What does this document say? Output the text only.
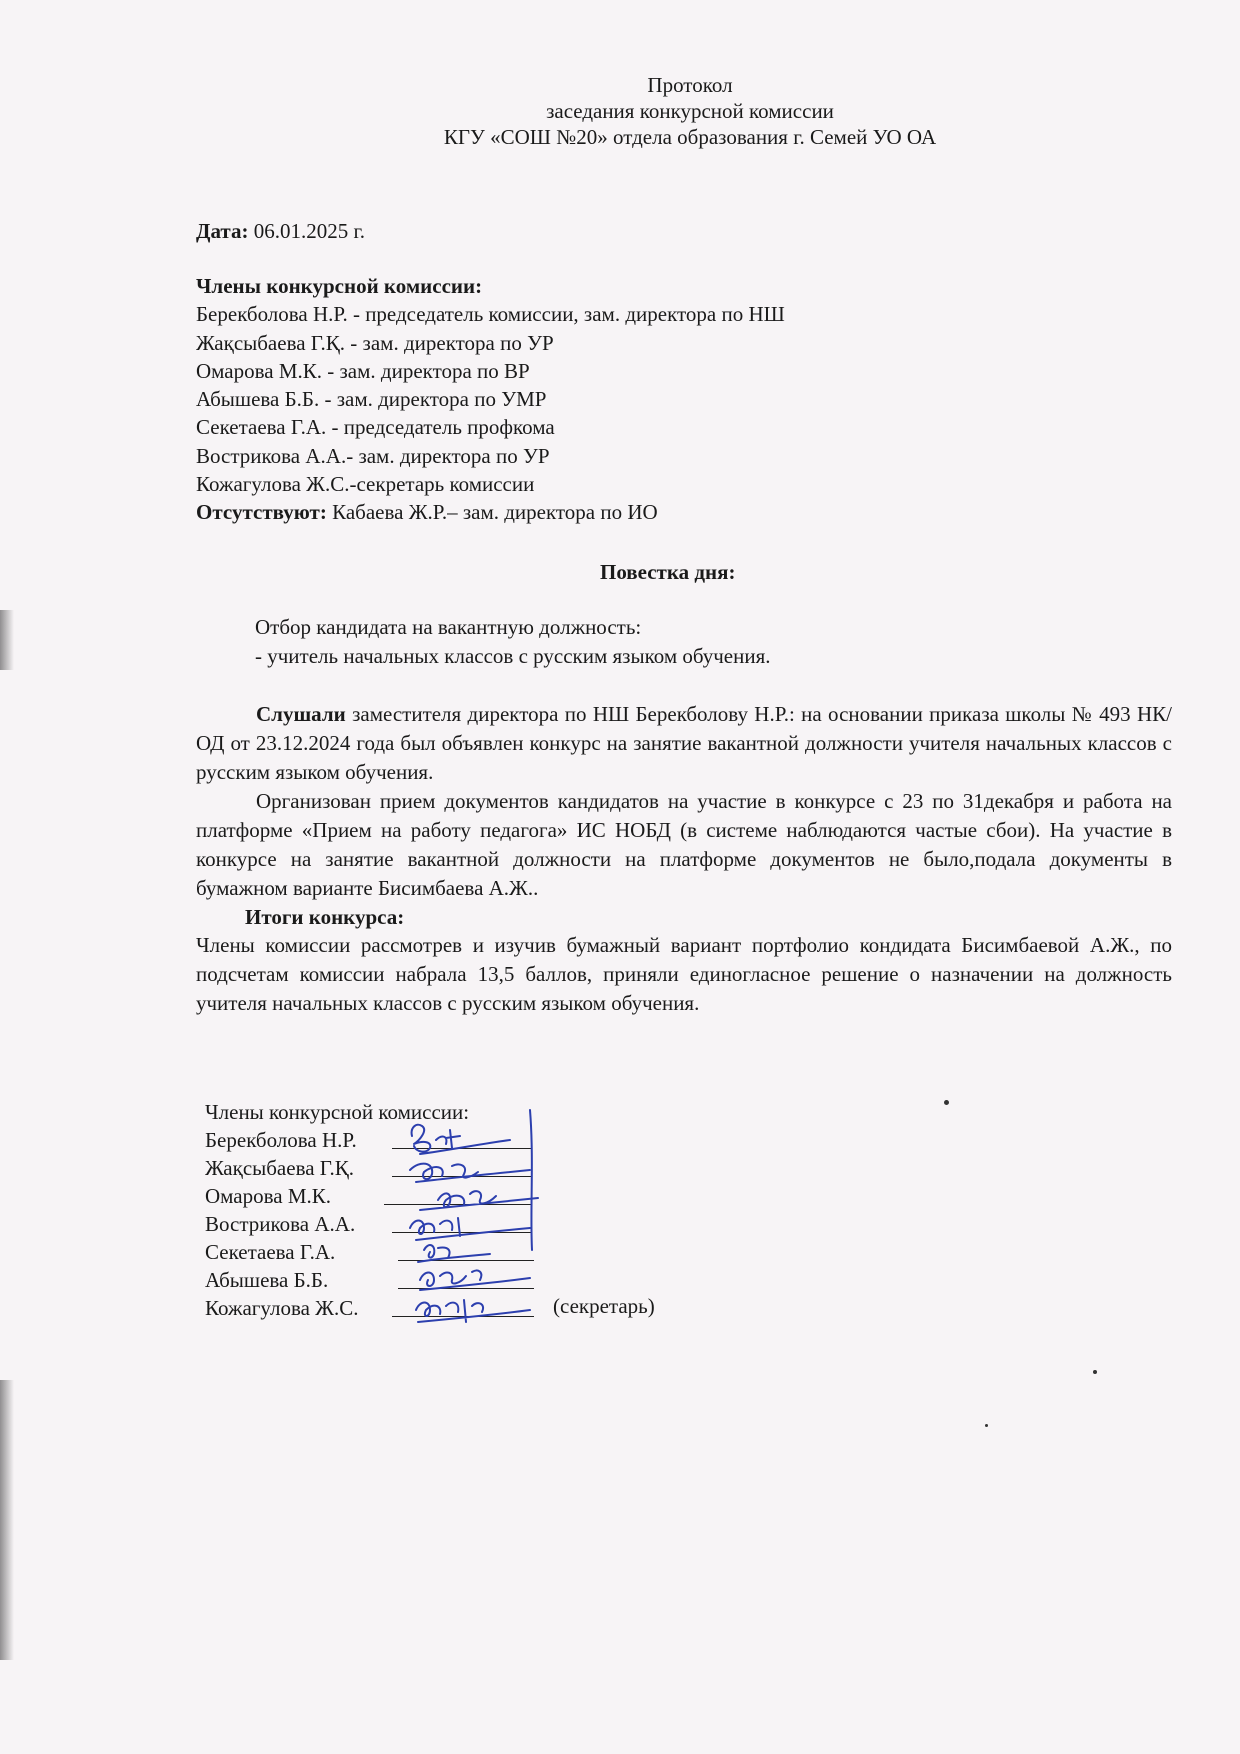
Протокол
заседания конкурсной комиссии
КГУ «СОШ №20» отдела образования г. Семей УО ОА
Дата: 06.01.2025 г.
Члены конкурсной комиссии:
Берекболова Н.Р. - председатель комиссии, зам. директора по НШ
Жақсыбаева Г.Қ. - зам. директора по УР
Омарова М.К. - зам. директора по ВР
Абышева Б.Б. - зам. директора по УМР
Секетаева Г.А. - председатель профкома
Вострикова А.А.- зам. директора по УР
Кожагулова Ж.С.-секретарь комиссии
Отсутствуют: Кабаева Ж.Р.– зам. директора по ИО
Повестка дня:
Отбор кандидата на вакантную должность:
- учитель начальных классов с русским языком обучения.

Слушали заместителя директора по НШ Берекболову Н.Р.: на основании приказа школы № 493 НК/ОД от 23.12.2024 года был объявлен конкурс на занятие вакантной должности учителя начальных классов с русским языком обучения.

Организован прием документов кандидатов на участие в конкурсе с 23 по 31декабря и работа на платформе «Прием на работу педагога» ИС НОБД (в системе наблюдаются частые сбои). На участие в конкурсе на занятие вакантной должности на платформе документов не было,подала документы в бумажном варианте Бисимбаева А.Ж..

Итоги конкурса:

Члены комиссии рассмотрев и изучив бумажный вариант портфолио кондидата Бисимбаевой А.Ж., по подсчетам комиссии набрала 13,5 баллов, приняли единогласное решение о назначении на должность учителя начальных классов с русским языком обучения.

Члены конкурсной комиссии:
Берекболова Н.Р.
Жақсыбаева Г.Қ.
Омарова М.К.
Вострикова А.А.
Секетаева Г.А.
Абышева Б.Б.
Кожагулова Ж.С.	(секретарь)
